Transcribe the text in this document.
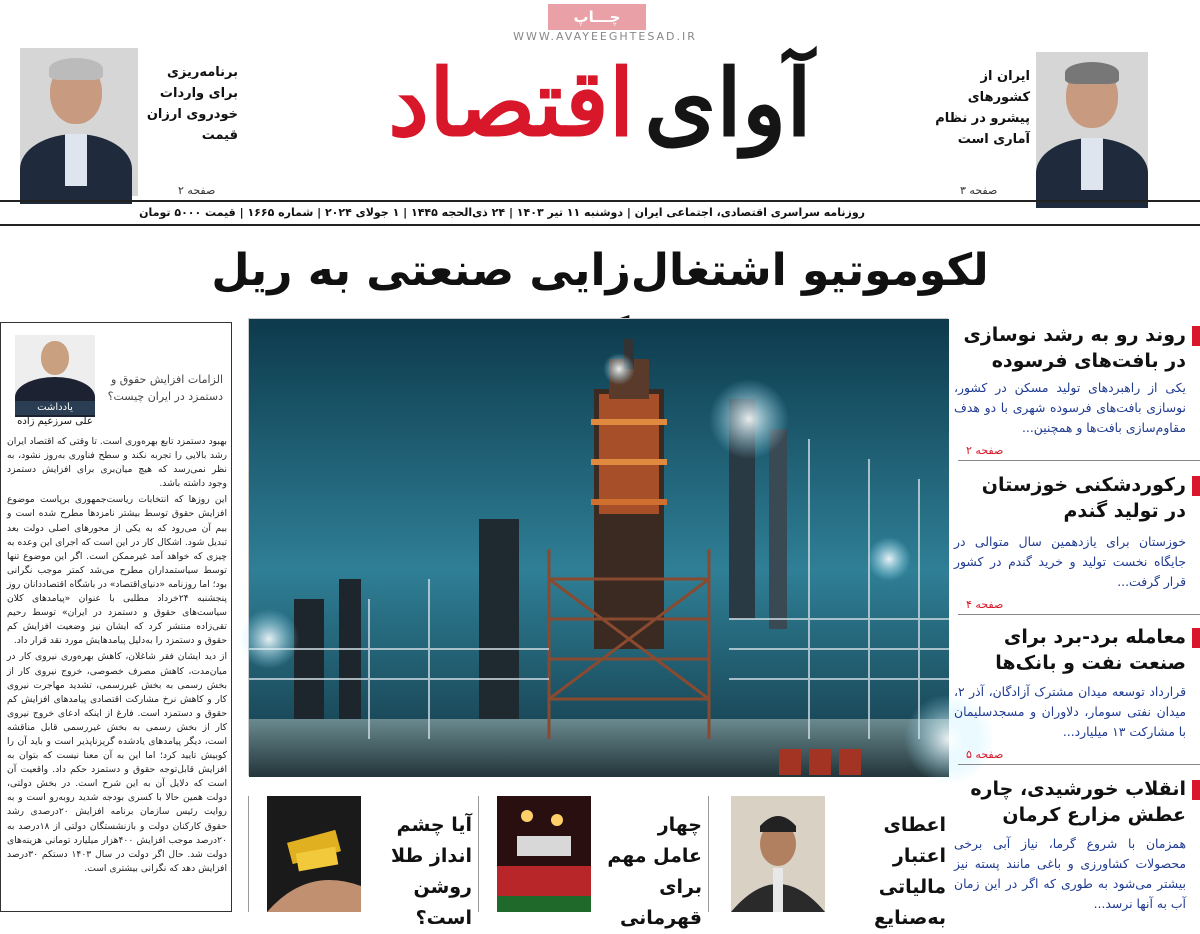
چـــاپ
WWW.AVAYEEGHTESAD.IR
آوای
اقتصاد	ایران از کشورهای پیشرو در نظام آماری است
صفحه ۳
برنامه‌ریزی برای واردات خودروی ارزان قیمت
صفحه ۲
روزنامه سراسری اقتصادی، اجتماعی ایران | دوشنبه ۱۱ تیر ۱۴۰۳ | ۲۴ ذی‌الحجه ۱۴۴۵ | ۱ جولای ۲۰۲۴ | شماره ۱۶۶۵ | قیمت ۵۰۰۰ تومان
لکوموتیو اشتغال‌زایی صنعتی به ریل
یادداشت
علی سرزعیم زاده
الزامات افزایش حقوق و دستمزد در ایران چیست؟

بهبود دستمزد تابع بهره‌وری است. تا وقتی که اقتصاد ایران رشد بالایی را تجربه نکند و سطح فناوری به‌روز نشود، به نظر نمی‌رسد که هیچ میان‌بری برای افزایش دستمزد وجود داشته باشد.

این روزها که انتخابات ریاست‌جمهوری برپاست موضوع افزایش حقوق توسط بیشتر نامزدها مطرح شده است و بیم آن می‌رود که به یکی از محورهای اصلی دولت بعد تبدیل شود. اشکال کار در این است که اجرای این وعده به چیزی که خواهد آمد غیرممکن است. اگر این موضوع تنها توسط سیاستمداران مطرح می‌شد کمتر موجب نگرانی بود؛ اما روزنامه «دنیای‌اقتصاد» در باشگاه اقتصاددانان روز پنجشنبه ۲۴خرداد مطلبی با عنوان «پیامدهای کلان سیاست‌های حقوق و دستمزد در ایران» توسط رحیم تقی‌زاده منتشر کرد که ایشان نیز وضعیت افزایش کم حقوق و دستمزد را به‌دلیل پیامدهایش مورد نقد قرار داد.

از دید ایشان فقر شاغلان، کاهش بهره‌وری نیروی کار در میان‌مدت، کاهش مصرف خصوصی، خروج نیروی کار از بخش رسمی به بخش غیررسمی، تشدید مهاجرت نیروی کار و کاهش نرخ مشارکت اقتصادی پیامدهای افزایش کم حقوق و دستمزد است. فارغ از اینکه ادعای خروج نیروی کار از بخش رسمی به بخش غیررسمی قابل مناقشه است، دیگر پیامدهای یادشده گریزناپذیر است و باید آن را کوبیش تایید کرد؛ اما این به آن معنا نیست که بتوان به افزایش قابل‌توجه حقوق و دستمزد حکم داد. واقعیت آن است که دلایل آن به این شرح است. در بخش دولتی، دولت همین حالا با کسری بودجه شدید روبه‌رو است و به روایت رئیس سازمان برنامه افزایش ۲۰درصدی رشد حقوق کارکنان دولت و بازنشستگان دولتی از ۱۸درصد به ۲۰درصد موجب افزایش ۴۰۰هزار میلیارد تومانی هزینه‌های دولت شد. حال اگر دولت در سال ۱۴۰۳ دستکم ۳۰درصد افزایش دهد که نگرانی بیشتری است.

اعطای اعتبار مالیاتی به‌صنایع
چهار عامل مهم برای قهرمانی
آیا چشم انداز طلا روشن است؟
روند رو به رشد نوسازی در بافت‌های فرسوده
یکی از راهبردهای تولید مسکن در کشور، نوسازی بافت‌های فرسوده شهری با دو هدف مقاوم‌سازی بافت‌ها و همچنین...
صفحه ۲
رکوردشکنی خوزستان در تولید گندم
خوزستان برای یازدهمین سال متوالی در جایگاه نخست تولید و خرید گندم در کشور قرار گرفت...
صفحه ۴
معامله برد-برد برای صنعت نفت و بانک‌ها
قرارداد توسعه میدان مشترک آزادگان، آذر ۲، میدان نفتی سومار، دلاوران و مسجدسلیمان با مشارکت ۱۳ میلیارد...
صفحه ۵
انقلاب خورشیدی، چاره عطش مزارع کرمان
همزمان با شروع گرما، نیاز آبی برخی محصولات کشاورزی و باغی مانند پسته نیز بیشتر می‌شود به طوری که اگر در این زمان آب به آنها نرسد...
